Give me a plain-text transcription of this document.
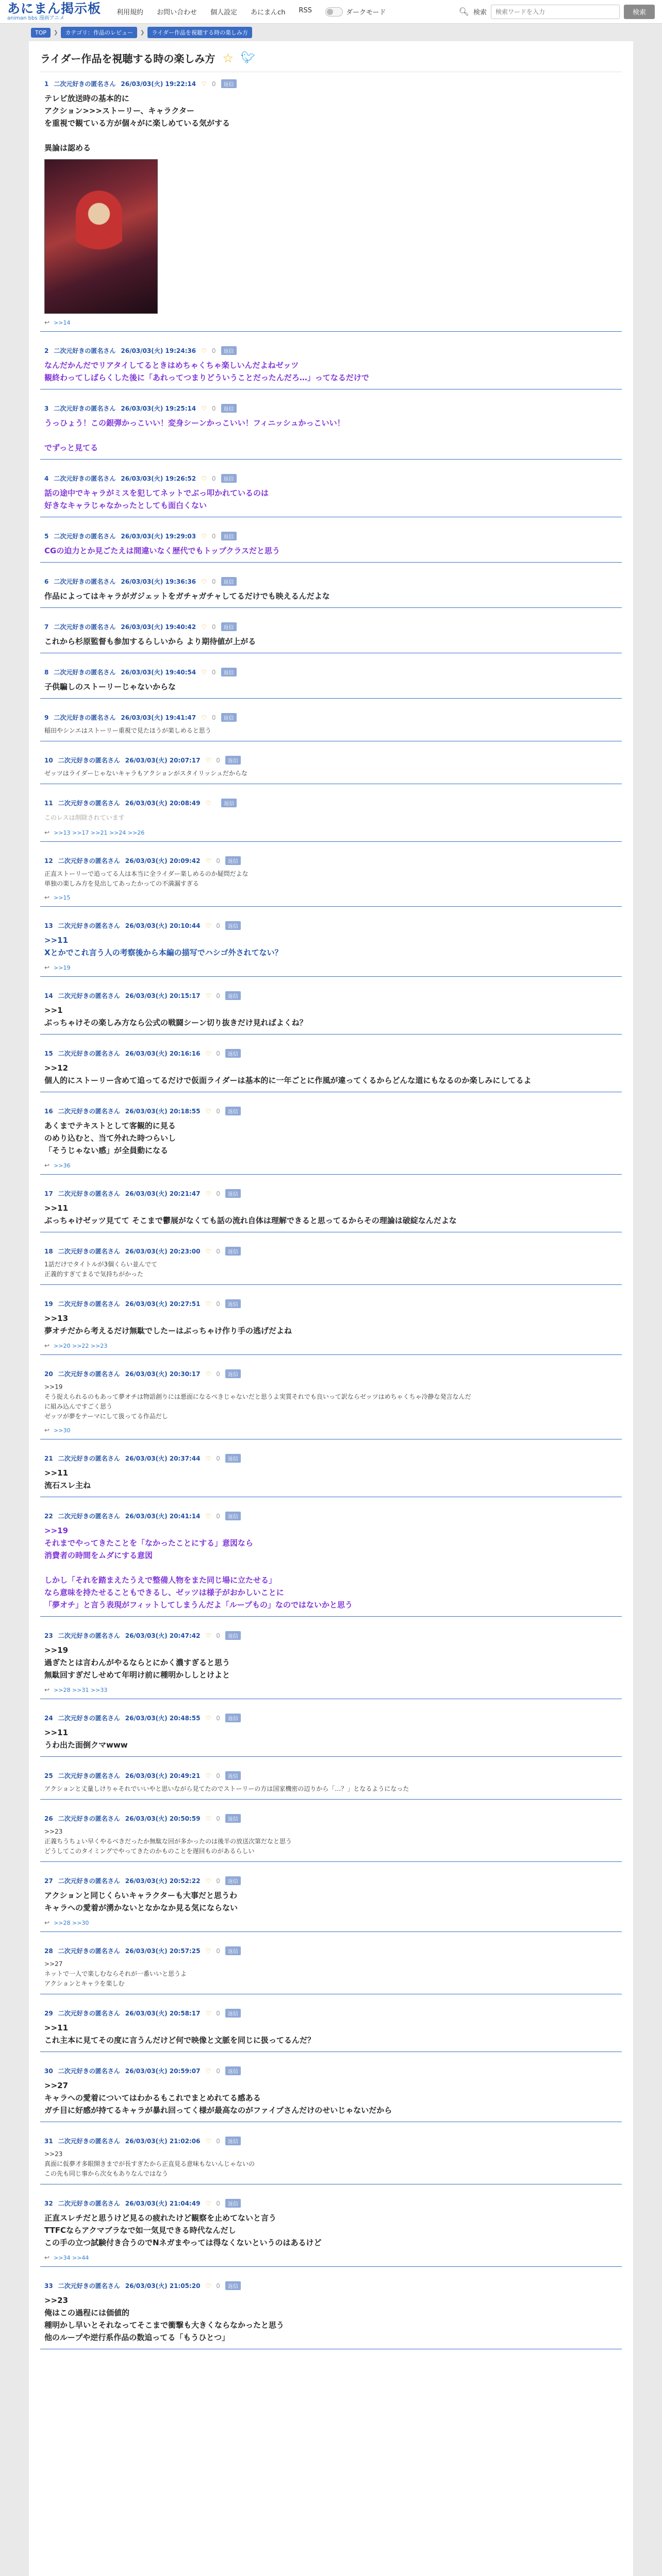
あにまん掲示板
animan bbs 漫画アニメ
利用規約 お問い合わせ 個人設定 あにまんch RSS	ダークモード	🔍︎ 検索
検索ワードを入力	検索
TOP	❯	カテゴリ：作品のレビュー	❯	ライダー作品を視聴する時の楽しみ方
ライダー作品を視聴する時の楽しみ方 ☆ 🐦︎
1 二次元好きの匿名さん 26/03/03(火) 19:22:14 ♡ 0	返信
テレビ放送時の基本的に
アクション>>>ストーリー、キャラクター
を重視で観ている方が個々がに楽しめている気がする

異論は認める
↩ >>14
2 二次元好きの匿名さん 26/03/03(火) 19:24:36 ♡ 0	返信
なんだかんだでリアタイしてるときはめちゃくちゃ楽しいんだよねゼッツ
観終わってしばらくした後に「あれってつまりどういうことだったんだろ…」ってなるだけで
3 二次元好きの匿名さん 26/03/03(火) 19:25:14 ♡ 0	返信
うっひょう！この銀弾かっこいい！変身シーンかっこいい！フィニッシュかっこいい！

でずっと見てる
4 二次元好きの匿名さん 26/03/03(火) 19:26:52 ♡ 0	返信
話の途中でキャラがミスを犯してネットでぶっ叩かれているのは
好きなキャラじゃなかったとしても面白くない
5 二次元好きの匿名さん 26/03/03(火) 19:29:03 ♡ 0	返信
CGの迫力とか見ごたえは間違いなく歴代でもトップクラスだと思う
6 二次元好きの匿名さん 26/03/03(火) 19:36:36 ♡ 0	返信
作品によってはキャラがガジェットをガチャガチャしてるだけでも映えるんだよな
7 二次元好きの匿名さん 26/03/03(火) 19:40:42 ♡ 0	返信
これから杉原監督も参加するらしいから より期待値が上がる
8 二次元好きの匿名さん 26/03/03(火) 19:40:54 ♡ 0	返信
子供騙しのストーリーじゃないからな
9 二次元好きの匿名さん 26/03/03(火) 19:41:47 ♡ 0	返信
稲田やシンエはストーリー重視で見たほうが楽しめると思う
10 二次元好きの匿名さん 26/03/03(火) 20:07:17 ♡ 0	返信
ゼッツはライダーじゃないキャラもアクションがスタイリッシュだからな
11 二次元好きの匿名さん 26/03/03(火) 20:08:49 ♡	返信
このレスは削除されています
↩ >>13 >>17 >>21 >>24 >>26
12 二次元好きの匿名さん 26/03/03(火) 20:09:42 ♡ 0	返信
正直ストーリーで追ってる人は本当に全ライダー楽しめるのか疑問だよな
単独の楽しみ方を見出してあったかっての不満漏すぎる
↩ >>15
13 二次元好きの匿名さん 26/03/03(火) 20:10:44 ♡ 0	返信
>>11
Xとかでこれ言う人の考察後から本編の描写でハシゴ外されてない？
↩ >>19
14 二次元好きの匿名さん 26/03/03(火) 20:15:17 ♡ 0	返信
>>1
ぶっちゃけその楽しみ方なら公式の戦闘シーン切り抜きだけ見ればよくね？
15 二次元好きの匿名さん 26/03/03(火) 20:16:16 ♡ 0	返信
>>12
個人的にストーリー含めて追ってるだけで仮面ライダーは基本的に一年ごとに作風が違ってくるからどんな道にもなるのか楽しみにしてるよ
16 二次元好きの匿名さん 26/03/03(火) 20:18:55 ♡ 0	返信
あくまでテキストとして客観的に見る
のめり込むと、当て外れた時つらいし
「そうじゃない感」が全員動になる
↩ >>36
17 二次元好きの匿名さん 26/03/03(火) 20:21:47 ♡ 0	返信
>>11
ぶっちゃけゼッツ見てて そこまで鬱展がなくても話の流れ自体は理解できると思ってるからその理論は破綻なんだよな
18 二次元好きの匿名さん 26/03/03(火) 20:23:00 ♡ 0	返信
1話だけでタイトルが3個くらい並んでて
正義的すぎてまるで気持ちがかった
19 二次元好きの匿名さん 26/03/03(火) 20:27:51 ♡ 0	返信
>>13
夢オチだから考えるだけ無駄でしたーはぶっちゃけ作り手の逃げだよね
↩ >>20 >>22 >>23
20 二次元好きの匿名さん 26/03/03(火) 20:30:17 ♡ 0	返信
>>19
そう捉えられるのもあって夢オチは物語創りには悪面になるべきじゃないだと思うよ実質それでも良いって訳ならゼッツはめちゃくちゃ冷静な発言なんだ
に組み込んですごく思う
ゼッツが夢をテーマにして扱ってる作品だし
↩ >>30
21 二次元好きの匿名さん 26/03/03(火) 20:37:44 ♡ 0	返信
>>11
流石スレ主ね
22 二次元好きの匿名さん 26/03/03(火) 20:41:14 ♡ 0	返信
>>19
それまでやってきたことを「なかったことにする」意図なら
消費者の時間をムダにする意図

しかし「それを踏まえたうえで整備人物をまた同じ場に立たせる」
なら意味を持たせることもできるし、ゼッツは様子がおかしいことに
「夢オチ」と言う表現がフィットしてしまうんだよ「ループもの」なのではないかと思う
23 二次元好きの匿名さん 26/03/03(火) 20:47:42 ♡ 0	返信
>>19
過ぎたとは言わんがやるならとにかく濃すぎると思う
無駄回すぎだしせめて年明け前に種明かししとけよと
↩ >>28 >>31 >>33
24 二次元好きの匿名さん 26/03/03(火) 20:48:55 ♡ 0	返信
>>11
うわ出た面倒クマwww
25 二次元好きの匿名さん 26/03/03(火) 20:49:21 ♡ 0	返信
アクションと丈量しけりゃそれでいいやと思いながら見てたのでストーリーの方は国家機密の辺りから「…？」となるようになった
26 二次元好きの匿名さん 26/03/03(火) 20:50:59 ♡ 0	返信
>>23
正義ちうちょい早くやるべきだったか無駄な回が多かったのは後半の放送次第だなと思う
どうしてこのタイミングでやってきたのかものことを遅回ものがあるらしい
27 二次元好きの匿名さん 26/03/03(火) 20:52:22 ♡ 0	返信
アクションと同じくらいキャラクターも大事だと思うわ
キャラへの愛着が湧かないとなかなか見る気にならない
↩ >>28 >>30
28 二次元好きの匿名さん 26/03/03(火) 20:57:25 ♡ 0	返信
>>27
ネットで一人で楽しむならそれが一番いいと思うよ
アクションとキャラを楽しむ
29 二次元好きの匿名さん 26/03/03(火) 20:58:17 ♡ 0	返信
>>11
これ主本に見てその度に言うんだけど何で映像と文脈を同じに扱ってるんだ？
30 二次元好きの匿名さん 26/03/03(火) 20:59:07 ♡ 0	返信
>>27
キャラへの愛着についてはわかるもこれでまとめれてる感ある
ガチ目に好感が持てるキャラが暴れ回ってく様が最高なのがファイブさんだけのせいじゃないだから
31 二次元好きの匿名さん 26/03/03(火) 21:02:06 ♡ 0	返信
>>23
真面に仮夢才多眼開きまでが長すぎたから正直見る意味もないんじゃないの
この先も同じ事から次女もありなんではなう
32 二次元好きの匿名さん 26/03/03(火) 21:04:49 ♡ 0	返信
正直スレチだと思うけど見るの疲れたけど観察を止めてないと言う
TTFCならアクマブラなで如一気見できる時代なんだし
この手の立つ試験付き合うのでNネガまやっては得なくないというのはあるけど
↩ >>34 >>44
33 二次元好きの匿名さん 26/03/03(火) 21:05:20 ♡ 0	返信
>>23
俺はこの過程には価値的
種明かし早いとそれなってそこまで衝撃も大きくならなかったと思う
他のループや逆行系作品の数追ってる「もうひとつ」
